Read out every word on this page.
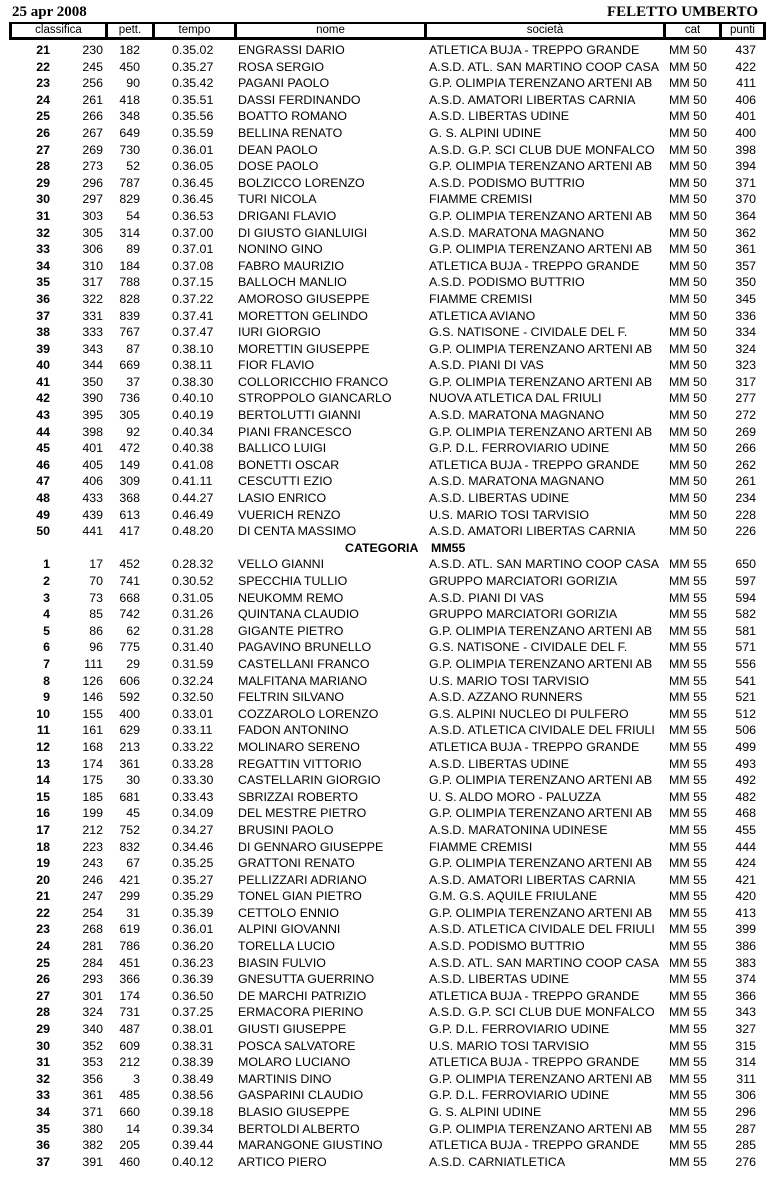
25 apr 2008	FELETTO UMBERTO
classifica	pett.	tempo	nome	società	cat	punti
21	230	182	0.35.02 ENGRASSI DARIO	ATLETICA BUJA - TREPPO GRANDE	MM 50	437
22	245	450	0.35.27 ROSA SERGIO	A.S.D. ATL. SAN MARTINO COOP CASA MM 50	422
23	256	90	0.35.42 PAGANI PAOLO	G.P. OLIMPIA TERENZANO ARTENI AB	MM 50	411
24	261	418	0.35.51 DASSI FERDINANDO	A.S.D. AMATORI LIBERTAS CARNIA	MM 50	406
25	266	348	0.35.56 BOATTO ROMANO	A.S.D. LIBERTAS UDINE	MM 50	401
26	267	649	0.35.59 BELLINA RENATO	G. S. ALPINI UDINE	MM 50	400
27	269	730	0.36.01 DEAN PAOLO	A.S.D. G.P. SCI CLUB DUE MONFALCO	MM 50	398
28	273	52	0.36.05 DOSE PAOLO	G.P. OLIMPIA TERENZANO ARTENI AB	MM 50	394
29	296	787	0.36.45 BOLZICCO LORENZO	A.S.D. PODISMO BUTTRIO	MM 50	371
30	297	829	0.36.45 TURI NICOLA	FIAMME CREMISI	MM 50	370
31	303	54	0.36.53 DRIGANI FLAVIO	G.P. OLIMPIA TERENZANO ARTENI AB	MM 50	364
32	305	314	0.37.00 DI GIUSTO GIANLUIGI	A.S.D. MARATONA MAGNANO	MM 50	362
33	306	89	0.37.01 NONINO GINO	G.P. OLIMPIA TERENZANO ARTENI AB	MM 50	361
34	310	184	0.37.08 FABRO MAURIZIO	ATLETICA BUJA - TREPPO GRANDE	MM 50	357
35	317	788	0.37.15 BALLOCH MANLIO	A.S.D. PODISMO BUTTRIO	MM 50	350
36	322	828	0.37.22 AMOROSO GIUSEPPE	FIAMME CREMISI	MM 50	345
37	331	839	0.37.41 MORETTON GELINDO	ATLETICA AVIANO	MM 50	336
38	333	767	0.37.47 IURI GIORGIO	G.S. NATISONE - CIVIDALE DEL F.	MM 50	334
39	343	87	0.38.10 MORETTIN GIUSEPPE	G.P. OLIMPIA TERENZANO ARTENI AB	MM 50	324
40	344	669	0.38.11	FIOR FLAVIO	A.S.D. PIANI DI VAS	MM 50	323
41	350	37	0.38.30 COLLORICCHIO FRANCO	G.P. OLIMPIA TERENZANO ARTENI AB	MM 50	317
42	390	736	0.40.10 STROPPOLO GIANCARLO	NUOVA ATLETICA DAL FRIULI	MM 50	277
43	395	305	0.40.19 BERTOLUTTI GIANNI	A.S.D. MARATONA MAGNANO	MM 50	272
44	398	92	0.40.34 PIANI FRANCESCO	G.P. OLIMPIA TERENZANO ARTENI AB	MM 50	269
45	401	472	0.40.38 BALLICO LUIGI	G.P. D.L. FERROVIARIO UDINE	MM 50	266
46	405	149	0.41.08 BONETTI OSCAR	ATLETICA BUJA - TREPPO GRANDE	MM 50	262
47	406	309	0.41.11	CESCUTTI EZIO	A.S.D. MARATONA MAGNANO	MM 50	261
48	433	368	0.44.27 LASIO ENRICO	A.S.D. LIBERTAS UDINE	MM 50	234
49	439	613	0.46.49 VUERICH RENZO	U.S. MARIO TOSI TARVISIO	MM 50	228
50	441	417	0.48.20 DI CENTA MASSIMO	A.S.D. AMATORI LIBERTAS CARNIA	MM 50	226
CATEGORIA MM55
1	17	452	0.28.32 VELLO GIANNI	A.S.D. ATL. SAN MARTINO COOP CASA MM 55	650
2	70	741	0.30.52 SPECCHIA TULLIO	GRUPPO MARCIATORI GORIZIA	MM 55	597
3	73	668	0.31.05 NEUKOMM REMO	A.S.D. PIANI DI VAS	MM 55	594
4	85	742	0.31.26 QUINTANA CLAUDIO	GRUPPO MARCIATORI GORIZIA	MM 55	582
5	86	62	0.31.28 GIGANTE PIETRO	G.P. OLIMPIA TERENZANO ARTENI AB	MM 55	581
6	96	775	0.31.40 PAGAVINO BRUNELLO	G.S. NATISONE - CIVIDALE DEL F.	MM 55	571
7	111	29	0.31.59 CASTELLANI FRANCO	G.P. OLIMPIA TERENZANO ARTENI AB	MM 55	556
8	126	606	0.32.24 MALFITANA MARIANO	U.S. MARIO TOSI TARVISIO	MM 55	541
9	146	592	0.32.50 FELTRIN SILVANO	A.S.D. AZZANO RUNNERS	MM 55	521
10	155	400	0.33.01 COZZAROLO LORENZO	G.S. ALPINI NUCLEO DI PULFERO	MM 55	512
11	161	629	0.33.11	FADON ANTONINO	A.S.D. ATLETICA CIVIDALE DEL FRIULI	MM 55	506
12	168	213	0.33.22 MOLINARO SERENO	ATLETICA BUJA - TREPPO GRANDE	MM 55	499
13	174	361	0.33.28 REGATTIN VITTORIO	A.S.D. LIBERTAS UDINE	MM 55	493
14	175	30	0.33.30 CASTELLARIN GIORGIO	G.P. OLIMPIA TERENZANO ARTENI AB	MM 55	492
15	185	681	0.33.43 SBRIZZAI ROBERTO	U. S. ALDO MORO - PALUZZA	MM 55	482
16	199	45	0.34.09 DEL MESTRE PIETRO	G.P. OLIMPIA TERENZANO ARTENI AB	MM 55	468
17	212	752	0.34.27 BRUSINI PAOLO	A.S.D. MARATONINA UDINESE	MM 55	455
18	223	832	0.34.46 DI GENNARO GIUSEPPE	FIAMME CREMISI	MM 55	444
19	243	67	0.35.25 GRATTONI RENATO	G.P. OLIMPIA TERENZANO ARTENI AB	MM 55	424
20	246	421	0.35.27 PELLIZZARI ADRIANO	A.S.D. AMATORI LIBERTAS CARNIA	MM 55	421
21	247	299	0.35.29 TONEL GIAN PIETRO	G.M. G.S. AQUILE FRIULANE	MM 55	420
22	254	31	0.35.39 CETTOLO ENNIO	G.P. OLIMPIA TERENZANO ARTENI AB	MM 55	413
23	268	619	0.36.01 ALPINI GIOVANNI	A.S.D. ATLETICA CIVIDALE DEL FRIULI	MM 55	399
24	281	786	0.36.20 TORELLA LUCIO	A.S.D. PODISMO BUTTRIO	MM 55	386
25	284	451	0.36.23 BIASIN FULVIO	A.S.D. ATL. SAN MARTINO COOP CASA MM 55	383
26	293	366	0.36.39 GNESUTTA GUERRINO	A.S.D. LIBERTAS UDINE	MM 55	374
27	301	174	0.36.50 DE MARCHI PATRIZIO	ATLETICA BUJA - TREPPO GRANDE	MM 55	366
28	324	731	0.37.25 ERMACORA PIERINO	A.S.D. G.P. SCI CLUB DUE MONFALCO	MM 55	343
29	340	487	0.38.01 GIUSTI GIUSEPPE	G.P. D.L. FERROVIARIO UDINE	MM 55	327
30	352	609	0.38.31 POSCA SALVATORE	U.S. MARIO TOSI TARVISIO	MM 55	315
31	353	212	0.38.39 MOLARO LUCIANO	ATLETICA BUJA - TREPPO GRANDE	MM 55	314
32	356	3	0.38.49 MARTINIS DINO	G.P. OLIMPIA TERENZANO ARTENI AB	MM 55	311
33	361	485	0.38.56 GASPARINI CLAUDIO	G.P. D.L. FERROVIARIO UDINE	MM 55	306
34	371	660	0.39.18 BLASIO GIUSEPPE	G. S. ALPINI UDINE	MM 55	296
35	380	14	0.39.34 BERTOLDI ALBERTO	G.P. OLIMPIA TERENZANO ARTENI AB	MM 55	287
36	382	205	0.39.44 MARANGONE GIUSTINO	ATLETICA BUJA - TREPPO GRANDE	MM 55	285
37	391	460	0.40.12 ARTICO PIERO	A.S.D. CARNIATLETICA	MM 55	276
